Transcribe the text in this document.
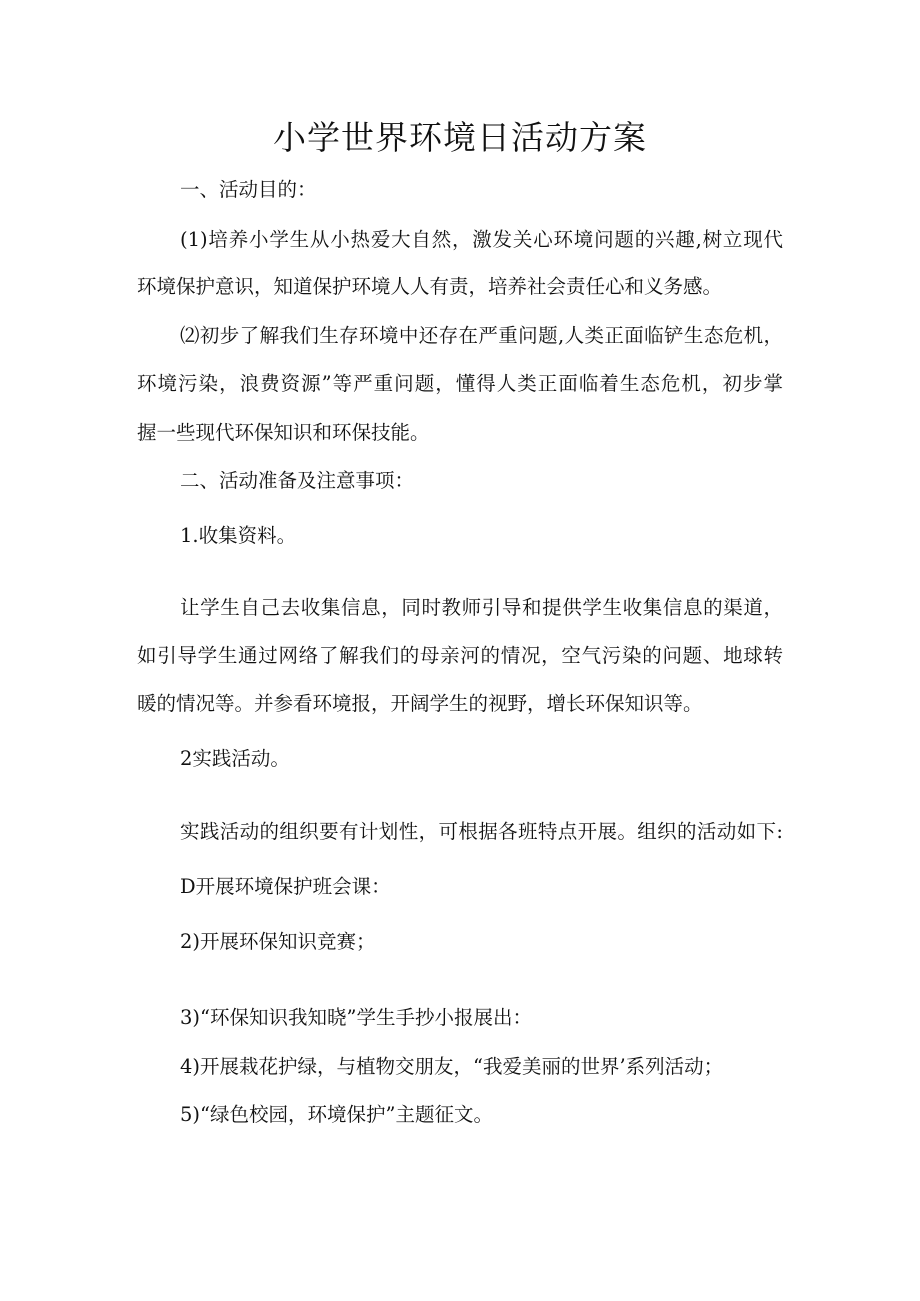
小学世界环境日活动方案
一、活动目的：
(1)培养小学生从小热爱大自然，激发关心环境问题的兴趣,树立现代
环境保护意识，知道保护环境人人有责，培养社会责任心和义务感。
⑵初步了解我们生存环境中还存在严重问题,人类正面临铲生态危机，
环境污染，浪费资源”等严重问题，懂得人类正面临着生态危机，初步掌
握一些现代环保知识和环保技能。
二、活动准备及注意事项：
1.收集资料。
让学生自己去收集信息，同时教师引导和提供学生收集信息的渠道，
如引导学生通过网络了解我们的母亲河的情况，空气污染的问题、地球转
暖的情况等。并参看环境报，开阔学生的视野，增长环保知识等。
2实践活动。
实践活动的组织要有计划性，可根据各班特点开展。组织的活动如下:
D开展环境保护班会课：
2)开展环保知识竞赛；
3)“环保知识我知晓”学生手抄小报展出：
4)开展栽花护绿，与植物交朋友，“我爱美丽的世界’系列活动；
5)“绿色校园，环境保护”主题征文。
